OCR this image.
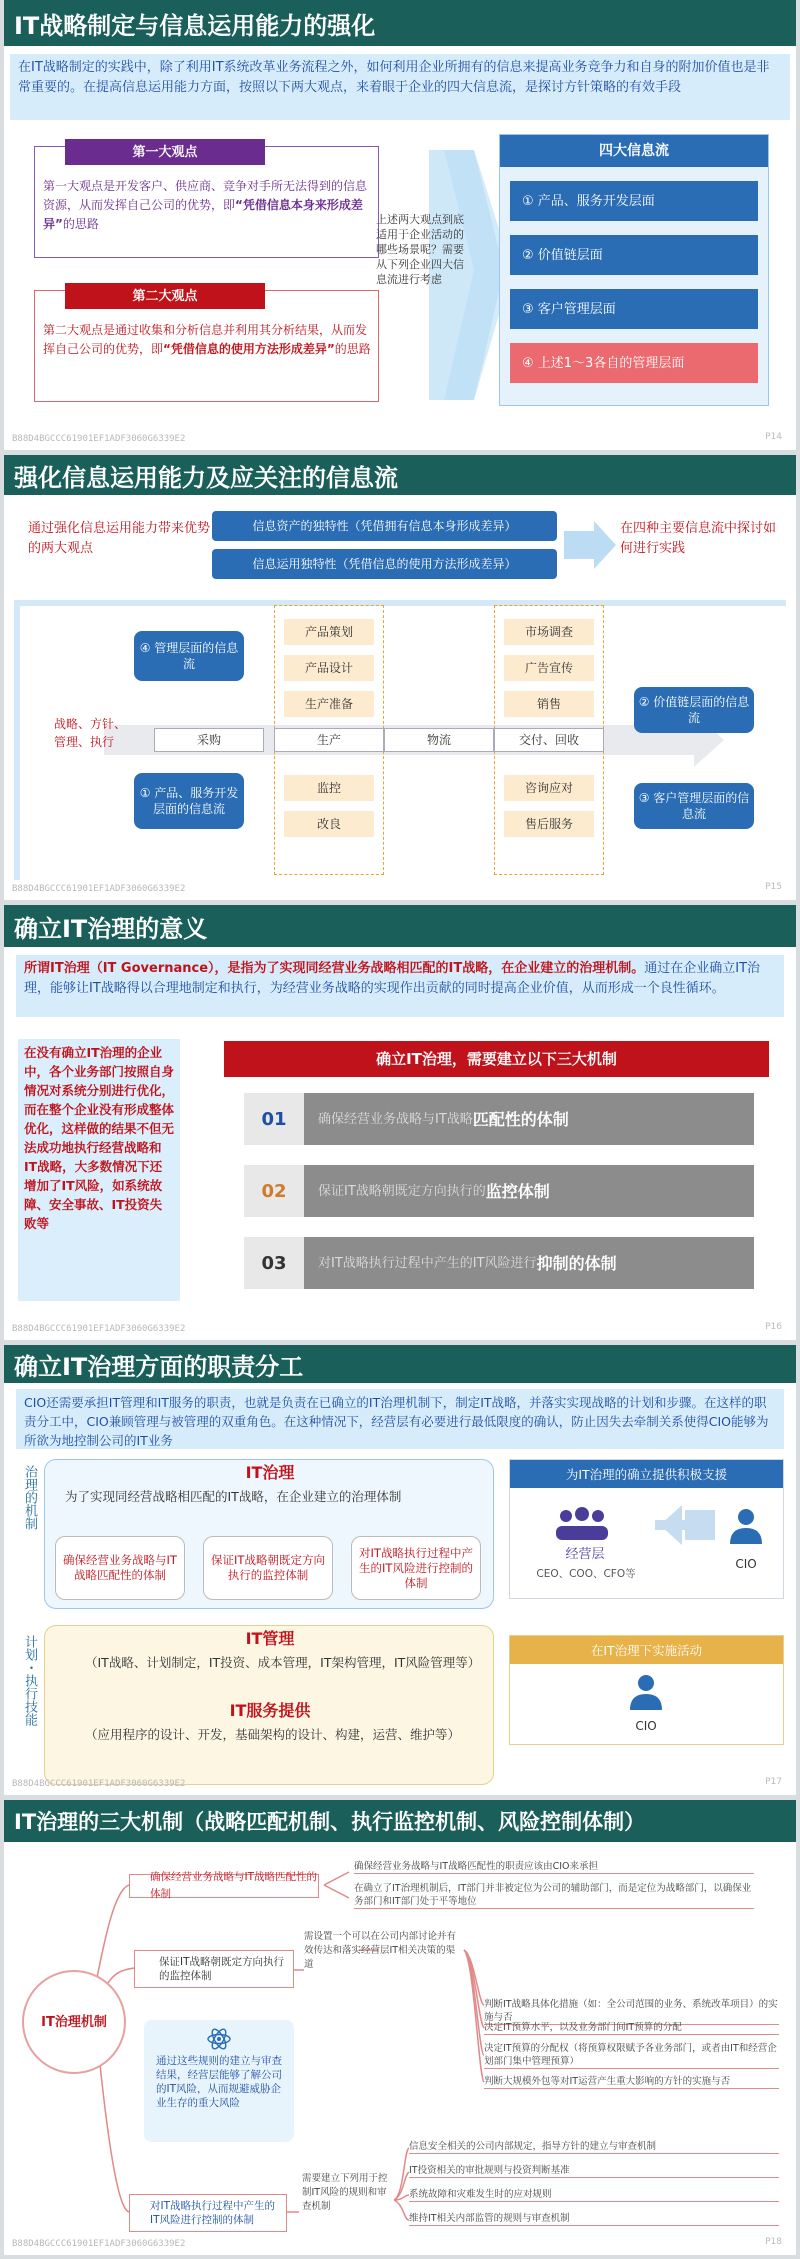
IT战略制定与信息运用能力的强化
在IT战略制定的实践中，除了利用IT系统改革业务流程之外，如何利用企业所拥有的信息来提高业务竞争力和自身的附加价值也是非常重要的。在提高信息运用能力方面，按照以下两大观点，来着眼于企业的四大信息流，是探讨方针策略的有效手段
第一大观点
第一大观点是开发客户、供应商、竞争对手所无法得到的信息资源，从而发挥自己公司的优势，即“凭借信息本身来形成差异”的思路
第二大观点
第二大观点是通过收集和分析信息并利用其分析结果，从而发挥自己公司的优势，即“凭借信息的使用方法形成差异”的思路
上述两大观点到底适用于企业活动的哪些场景呢？需要从下列企业四大信息流进行考虑
四大信息流
① 产品、服务开发层面
② 价值链层面
③ 客户管理层面
④ 上述1～3各自的管理层面
B88D4BGCCC61901EF1ADF3060G6339E2	P14
强化信息运用能力及应关注的信息流
通过强化信息运用能力带来优势的两大观点
信息资产的独特性（凭借拥有信息本身形成差异）
信息运用独特性（凭借信息的使用方法形成差异）
在四种主要信息流中探讨如何进行实践
产品策划
产品设计
生产准备
监控
改良
市场调查
广告宣传
销售
咨询应对
售后服务
战略、方针、管理、执行	采购	生产	物流	交付、回收
④ 管理层面的信息流
① 产品、服务开发层面的信息流
② 价值链层面的信息流
③ 客户管理层面的信息流
B88D4BGCCC61901EF1ADF3060G6339E2	P15
确立IT治理的意义
所谓IT治理（IT Governance），是指为了实现同经营业务战略相匹配的IT战略，在企业建立的治理机制。通过在企业确立IT治理，能够让IT战略得以合理地制定和执行，为经营业务战略的实现作出贡献的同时提高企业价值，从而形成一个良性循环。
在没有确立IT治理的企业中，各个业务部门按照自身情况对系统分别进行优化，而在整个企业没有形成整体优化，这样做的结果不但无法成功地执行经营战略和IT战略，大多数情况下还增加了IT风险，如系统故障、安全事故、IT投资失败等
确立IT治理，需要建立以下三大机制
01	确保经营业务战略与IT战略 匹配性的体制
02	保证IT战略朝既定方向执行的 监控体制
03	对IT战略执行过程中产生的IT风险进行 抑制的体制
B88D4BGCCC61901EF1ADF3060G6339E2	P16
确立IT治理方面的职责分工
CIO还需要承担IT管理和IT服务的职责，也就是负责在已确立的IT治理机制下，制定IT战略，并落实实现战略的计划和步骤。在这样的职责分工中，CIO兼顾管理与被管理的双重角色。在这种情况下，经营层有必要进行最低限度的确认，防止因失去牵制关系使得CIO能够为所欲为地控制公司的IT业务
治理的机制
计划・执行技能
IT治理
为了实现同经营战略相匹配的IT战略，在企业建立的治理体制
确保经营业务战略与IT战略匹配性的体制
保证IT战略朝既定方向执行的监控体制
对IT战略执行过程中产生的IT风险进行控制的体制
IT管理
（IT战略、计划制定，IT投资、成本管理，IT架构管理，IT风险管理等）
IT服务提供
（应用程序的设计、开发，基础架构的设计、构建，运营、维护等）
为IT治理的确立提供积极支援
经营层
CEO、COO、CFO等
CIO
在IT治理下实施活动
CIO
B88D4BGCCC61901EF1ADF3060G6339E2	P17
IT治理的三大机制（战略匹配机制、执行监控机制、风险控制体制）
IT治理机制
确保经营业务战略与IT战略匹配性的体制
确保经营业务战略与IT战略匹配性的职责应该由CIO来承担
在确立了IT治理机制后，IT部门并非被定位为公司的辅助部门，而是定位为战略部门，以确保业务部门和IT部门处于平等地位
保证IT战略朝既定方向执行的监控体制
需设置一个可以在公司内部讨论并有效传达和落实经营层IT相关决策的渠道
判断IT战略具体化措施（如：全公司范围的业务、系统改革项目）的实施与否
决定IT预算水平，以及业务部门间IT预算的分配
决定IT预算的分配权（将预算权限赋予各业务部门，或者由IT和经营企划部门集中管理预算）
判断大规模外包等对IT运营产生重大影响的方针的实施与否
通过这些规则的建立与审查结果，经营层能够了解公司的IT风险，从而规避威胁企业生存的重大风险
对IT战略执行过程中产生的IT风险进行控制的体制
需要建立下列用于控制IT风险的规则和审查机制
信息安全相关的公司内部规定，指导方针的建立与审查机制
IT投资相关的审批规则与投资判断基准
系统故障和灾难发生时的应对规则
维持IT相关内部监管的规则与审查机制
B88D4BGCCC61901EF1ADF3060G6339E2	P18
